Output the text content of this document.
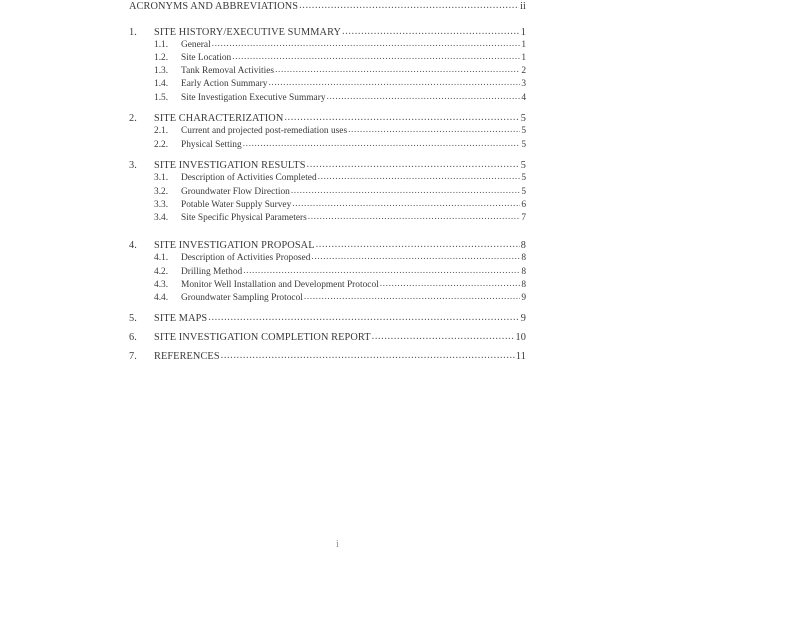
ACRONYMS AND ABBREVIATIONS .....	ii
1.	SITE HISTORY/EXECUTIVE SUMMARY .....	1
1.1.	General .....	1
1.2.	Site Location .....	1
1.3.	Tank Removal Activities .....	2
1.4.	Early Action Summary .....	3
1.5.	Site Investigation Executive Summary .....	4
2.	SITE CHARACTERIZATION .....	5
2.1.	Current and projected post-remediation uses .....	5
2.2.	Physical Setting .....	5
3.	SITE INVESTIGATION RESULTS .....	5
3.1.	Description of Activities Completed .....	5
3.2.	Groundwater Flow Direction .....	5
3.3.	Potable Water Supply Survey .....	6
3.4.	Site Specific Physical Parameters .....	7
4.	SITE INVESTIGATION PROPOSAL .....	8
4.1.	Description of Activities Proposed .....	8
4.2.	Drilling Method .....	8
4.3.	Monitor Well Installation and Development Protocol .....	8
4.4.	Groundwater Sampling Protocol .....	9
5.	SITE MAPS .....	9
6.	SITE INVESTIGATION COMPLETION REPORT .....	10
7.	REFERENCES .....	11
i
